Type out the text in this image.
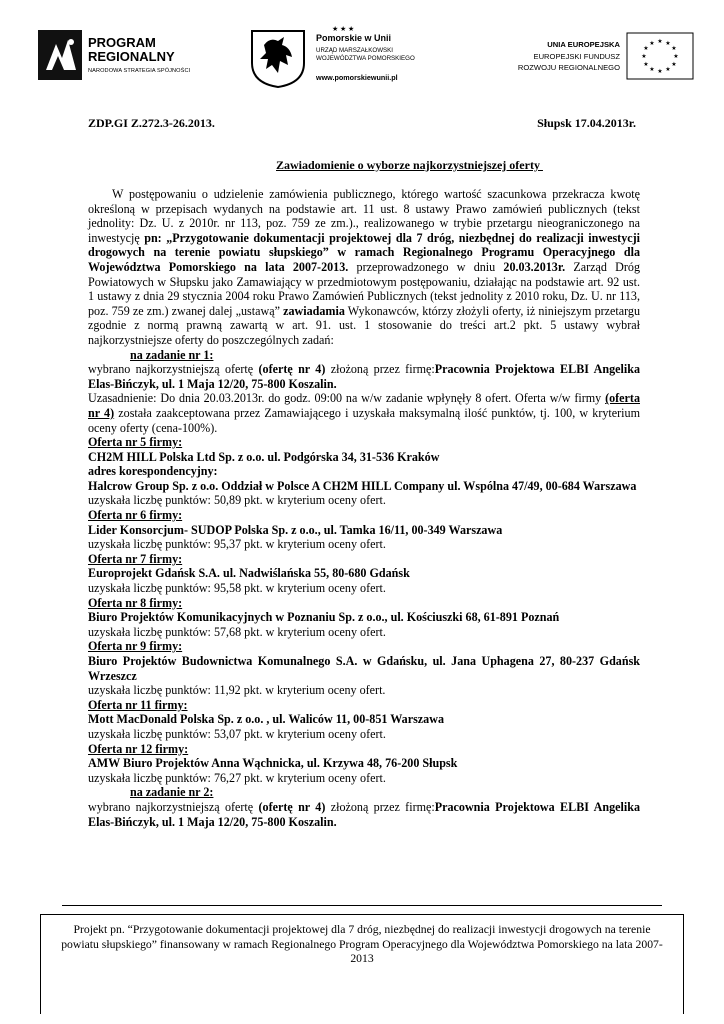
PROGRAM
REGIONALNY
NARODOWA STRATEGIA SPÓJNOŚCI
★ ★ ★
Pomorskie w Unii
URZĄD MARSZAŁKOWSKI
WOJEWÓDZTWA POMORSKIEGO
www.pomorskiewunii.pl
UNIA EUROPEJSKA
EUROPEJSKI FUNDUSZ
ROZWOJU REGIONALNEGO
★ ★
★
★
★
★
★
★
★
★
★
★
ZDP.GI Z.272.3-26.2013.	Słupsk 17.04.2013r.
Zawiadomienie o wyborze najkorzystniejszej oferty

W postępowaniu o udzielenie zamówienia publicznego, którego wartość szacunkowa przekracza kwotę określoną w przepisach wydanych na podstawie art. 11 ust. 8 ustawy Prawo zamówień publicznych (tekst jednolity: Dz. U. z 2010r. nr 113, poz. 759 ze zm.)., realizowanego w trybie przetargu nieograniczonego na inwestycję pn: „Przygotowanie dokumentacji projektowej dla 7 dróg, niezbędnej do realizacji inwestycji drogowych na terenie powiatu słupskiego” w ramach Regionalnego Programu Operacyjnego dla Województwa Pomorskiego na lata 2007-2013. przeprowadzonego w dniu 20.03.2013r. Zarząd Dróg Powiatowych w Słupsku jako Zamawiający w przedmiotowym postępowaniu, działając na podstawie art. 92 ust. 1 ustawy z dnia 29 stycznia 2004 roku Prawo Zamówień Publicznych (tekst jednolity z 2010 roku, Dz. U. nr 113, poz. 759 ze zm.) zwanej dalej „ustawą” zawiadamia Wykonawców, którzy złożyli oferty, iż niniejszym przetargu zgodnie z normą prawną zawartą w art. 91. ust. 1 stosowanie do treści art.2 pkt. 5 ustawy wybrał najkorzystniejsze oferty do poszczególnych zadań:

na zadanie nr 1:

wybrano najkorzystniejszą ofertę (ofertę nr 4) złożoną przez firmę:Pracownia Projektowa ELBI Angelika Elas-Bińczyk, ul. 1 Maja 12/20, 75-800 Koszalin.

Uzasadnienie: Do dnia 20.03.2013r. do godz. 09:00 na w/w zadanie wpłynęły 8 ofert. Oferta w/w firmy (oferta nr 4) została zaakceptowana przez Zamawiającego i uzyskała maksymalną ilość punktów, tj. 100, w kryterium oceny oferty (cena-100%).

Oferta nr 5 firmy:

CH2M HILL Polska Ltd Sp. z o.o. ul. Podgórska 34, 31-536 Kraków

adres korespondencyjny:

Halcrow Group Sp. z o.o. Oddział w Polsce A CH2M HILL Company ul. Wspólna 47/49, 00-684 Warszawa

uzyskała liczbę punktów: 50,89 pkt. w kryterium oceny ofert.

Oferta nr 6 firmy:

Lider Konsorcjum- SUDOP Polska Sp. z o.o., ul. Tamka 16/11, 00-349 Warszawa

uzyskała liczbę punktów: 95,37 pkt. w kryterium oceny ofert.

Oferta nr 7 firmy:

Europrojekt Gdańsk S.A. ul. Nadwiślańska 55, 80-680 Gdańsk

uzyskała liczbę punktów: 95,58 pkt. w kryterium oceny ofert.

Oferta nr 8 firmy:

Biuro Projektów Komunikacyjnych w Poznaniu Sp. z o.o., ul. Kościuszki 68, 61-891 Poznań

uzyskała liczbę punktów: 57,68 pkt. w kryterium oceny ofert.

Oferta nr 9 firmy:

Biuro Projektów Budownictwa Komunalnego S.A. w Gdańsku, ul. Jana Uphagena 27, 80-237 Gdańsk Wrzeszcz

uzyskała liczbę punktów: 11,92 pkt. w kryterium oceny ofert.

Oferta nr 11 firmy:

Mott MacDonald Polska Sp. z o.o. , ul. Waliców 11, 00-851 Warszawa

uzyskała liczbę punktów: 53,07 pkt. w kryterium oceny ofert.

Oferta nr 12 firmy:

AMW Biuro Projektów Anna Wąchnicka, ul. Krzywa 48, 76-200 Słupsk

uzyskała liczbę punktów: 76,27 pkt. w kryterium oceny ofert.

na zadanie nr 2:

wybrano najkorzystniejszą ofertę (ofertę nr 4) złożoną przez firmę:Pracownia Projektowa ELBI Angelika Elas-Bińczyk, ul. 1 Maja 12/20, 75-800 Koszalin.

Projekt pn. “Przygotowanie dokumentacji projektowej dla 7 dróg, niezbędnej do realizacji inwestycji drogowych na terenie powiatu słupskiego” finansowany w ramach Regionalnego Program Operacyjnego dla Województwa Pomorskiego na lata 2007-2013
